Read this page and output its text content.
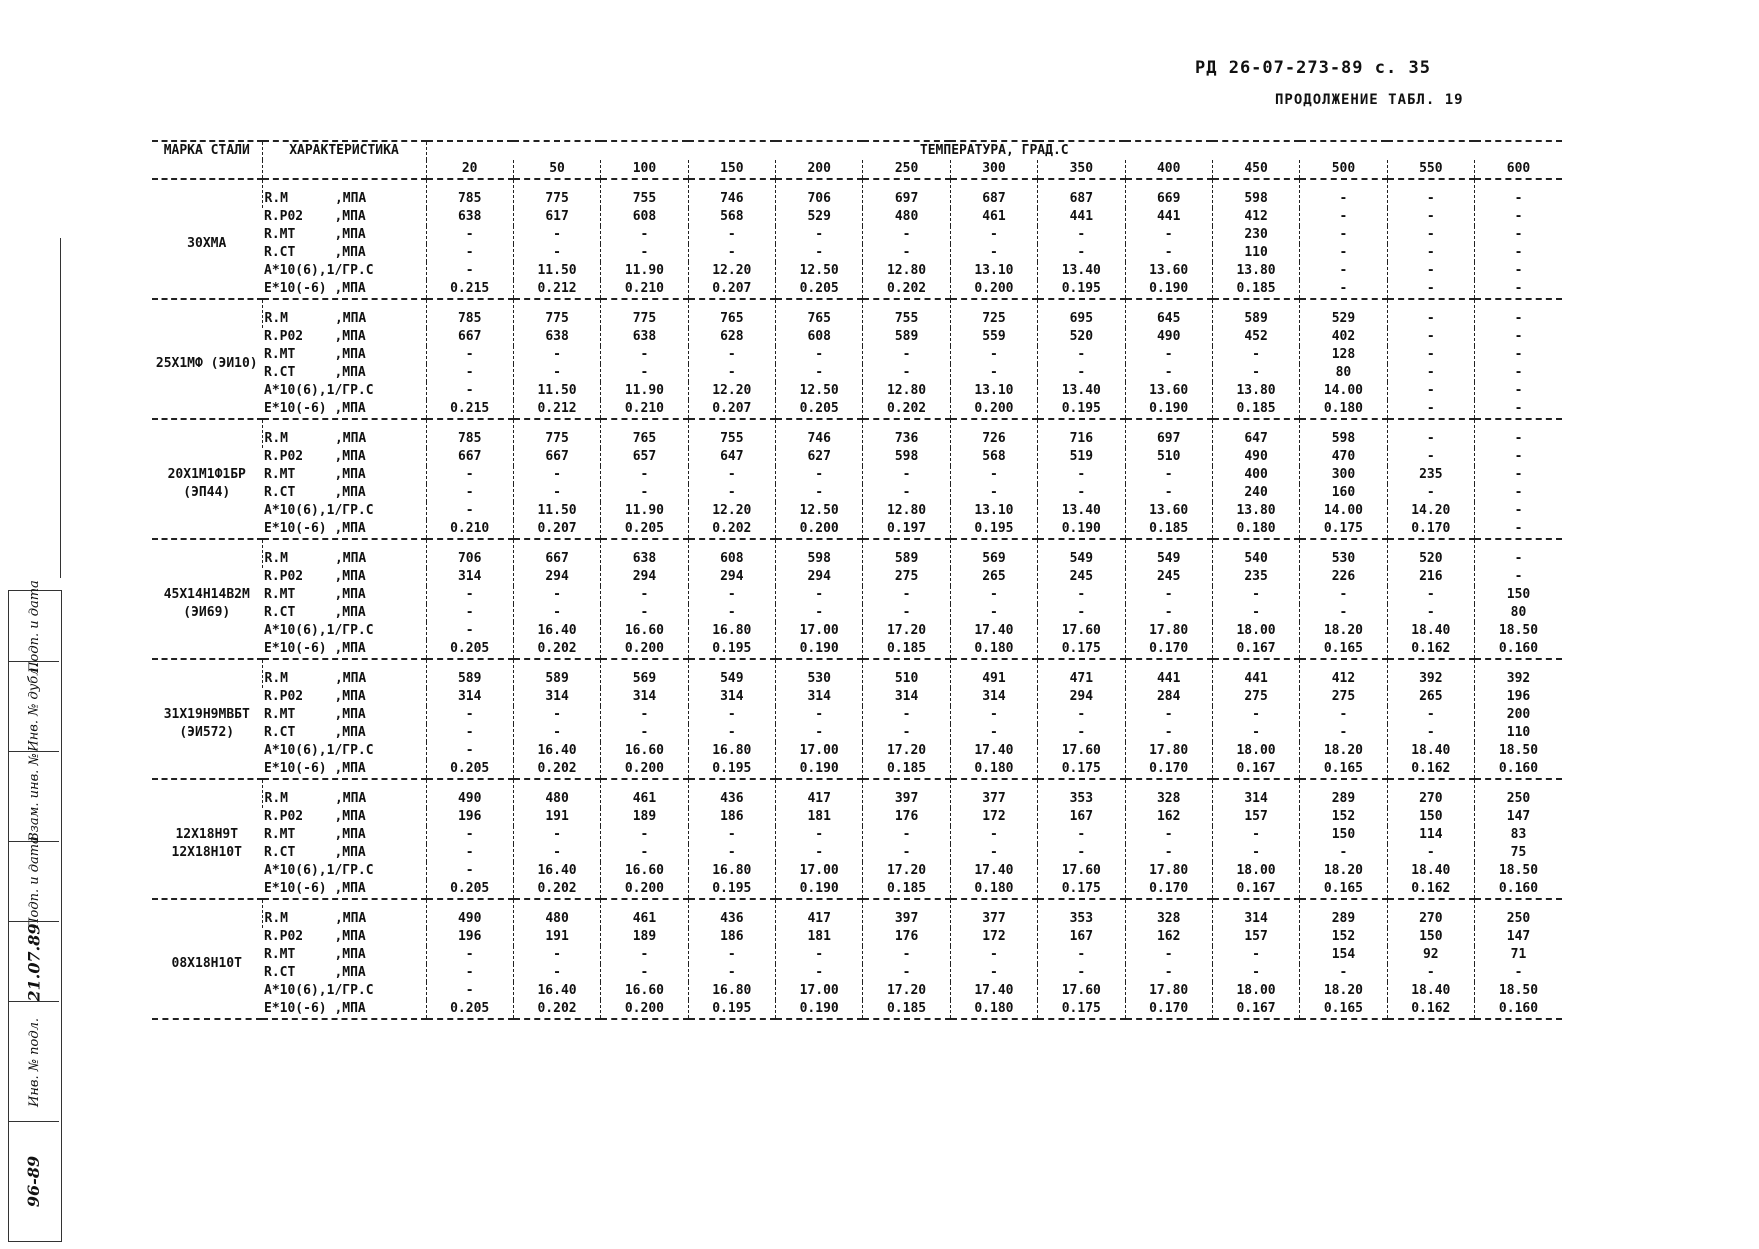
РД 26-07-273-89 с. 35
ПРОДОЛЖЕНИЕ ТАБЛ. 19
Подп. и дата
Инв. № дубл.
Взам. инв. №
Подп. и дата
21.07.89
Инв. № подл.
96-89
МАРКА СТАЛИ	ХАРАКТЕРИСТИКА	ТЕМПЕРАТУРА, ГРАД.С												

		20	50	100	150	200	250	300	350	400	450	500	550	600
30ХМА	R.M      ,МПА	785	775	755	746	706	697	687	687	669	598	-	-	-
	R.P02    ,МПА	638	617	608	568	529	480	461	441	441	412	-	-	-
	R.MT     ,МПА	-	-	-	-	-	-	-	-	-	230	-	-	-
	R.CT     ,МПА	-	-	-	-	-	-	-	-	-	110	-	-	-
	A*10(6),1/ГР.C	-	11.50	11.90	12.20	12.50	12.80	13.10	13.40	13.60	13.80	-	-	-
	E*10(-6) ,МПА	0.215	0.212	0.210	0.207	0.205	0.202	0.200	0.195	0.190	0.185	-	-	-
25Х1МФ (ЭИ10)	R.M      ,МПА	785	775	775	765	765	755	725	695	645	589	529	-	-
	R.P02    ,МПА	667	638	638	628	608	589	559	520	490	452	402	-	-
	R.MT     ,МПА	-	-	-	-	-	-	-	-	-	-	128	-	-
	R.CT     ,МПА	-	-	-	-	-	-	-	-	-	-	80	-	-
	A*10(6),1/ГР.C	-	11.50	11.90	12.20	12.50	12.80	13.10	13.40	13.60	13.80	14.00	-	-
	E*10(-6) ,МПА	0.215	0.212	0.210	0.207	0.205	0.202	0.200	0.195	0.190	0.185	0.180	-	-
20Х1М1Ф1БР (ЭП44)	R.M      ,МПА	785	775	765	755	746	736	726	716	697	647	598	-	-
	R.P02    ,МПА	667	667	657	647	627	598	568	519	510	490	470	-	-
	R.MT     ,МПА	-	-	-	-	-	-	-	-	-	400	300	235	-
	R.CT     ,МПА	-	-	-	-	-	-	-	-	-	240	160	-	-
	A*10(6),1/ГР.C	-	11.50	11.90	12.20	12.50	12.80	13.10	13.40	13.60	13.80	14.00	14.20	-
	E*10(-6) ,МПА	0.210	0.207	0.205	0.202	0.200	0.197	0.195	0.190	0.185	0.180	0.175	0.170	-
45Х14Н14В2М (ЭИ69)	R.M      ,МПА	706	667	638	608	598	589	569	549	549	540	530	520	-
	R.P02    ,МПА	314	294	294	294	294	275	265	245	245	235	226	216	-
	R.MT     ,МПА	-	-	-	-	-	-	-	-	-	-	-	-	150
	R.CT     ,МПА	-	-	-	-	-	-	-	-	-	-	-	-	80
	A*10(6),1/ГР.C	-	16.40	16.60	16.80	17.00	17.20	17.40	17.60	17.80	18.00	18.20	18.40	18.50
	E*10(-6) ,МПА	0.205	0.202	0.200	0.195	0.190	0.185	0.180	0.175	0.170	0.167	0.165	0.162	0.160
31Х19Н9МВБТ (ЭИ572)	R.M      ,МПА	589	589	569	549	530	510	491	471	441	441	412	392	392
	R.P02    ,МПА	314	314	314	314	314	314	314	294	284	275	275	265	196
	R.MT     ,МПА	-	-	-	-	-	-	-	-	-	-	-	-	200
	R.CT     ,МПА	-	-	-	-	-	-	-	-	-	-	-	-	110
	A*10(6),1/ГР.C	-	16.40	16.60	16.80	17.00	17.20	17.40	17.60	17.80	18.00	18.20	18.40	18.50
	E*10(-6) ,МПА	0.205	0.202	0.200	0.195	0.190	0.185	0.180	0.175	0.170	0.167	0.165	0.162	0.160
12Х18Н9Т 12Х18Н10Т	R.M      ,МПА	490	480	461	436	417	397	377	353	328	314	289	270	250
	R.P02    ,МПА	196	191	189	186	181	176	172	167	162	157	152	150	147
	R.MT     ,МПА	-	-	-	-	-	-	-	-	-	-	150	114	83
	R.CT     ,МПА	-	-	-	-	-	-	-	-	-	-	-	-	75
	A*10(6),1/ГР.C	-	16.40	16.60	16.80	17.00	17.20	17.40	17.60	17.80	18.00	18.20	18.40	18.50
	E*10(-6) ,МПА	0.205	0.202	0.200	0.195	0.190	0.185	0.180	0.175	0.170	0.167	0.165	0.162	0.160
08Х18Н10Т	R.M      ,МПА	490	480	461	436	417	397	377	353	328	314	289	270	250
	R.P02    ,МПА	196	191	189	186	181	176	172	167	162	157	152	150	147
	R.MT     ,МПА	-	-	-	-	-	-	-	-	-	-	154	92	71
	R.CT     ,МПА	-	-	-	-	-	-	-	-	-	-	-	-	-
	A*10(6),1/ГР.C	-	16.40	16.60	16.80	17.00	17.20	17.40	17.60	17.80	18.00	18.20	18.40	18.50
	E*10(-6) ,МПА	0.205	0.202	0.200	0.195	0.190	0.185	0.180	0.175	0.170	0.167	0.165	0.162	0.160
